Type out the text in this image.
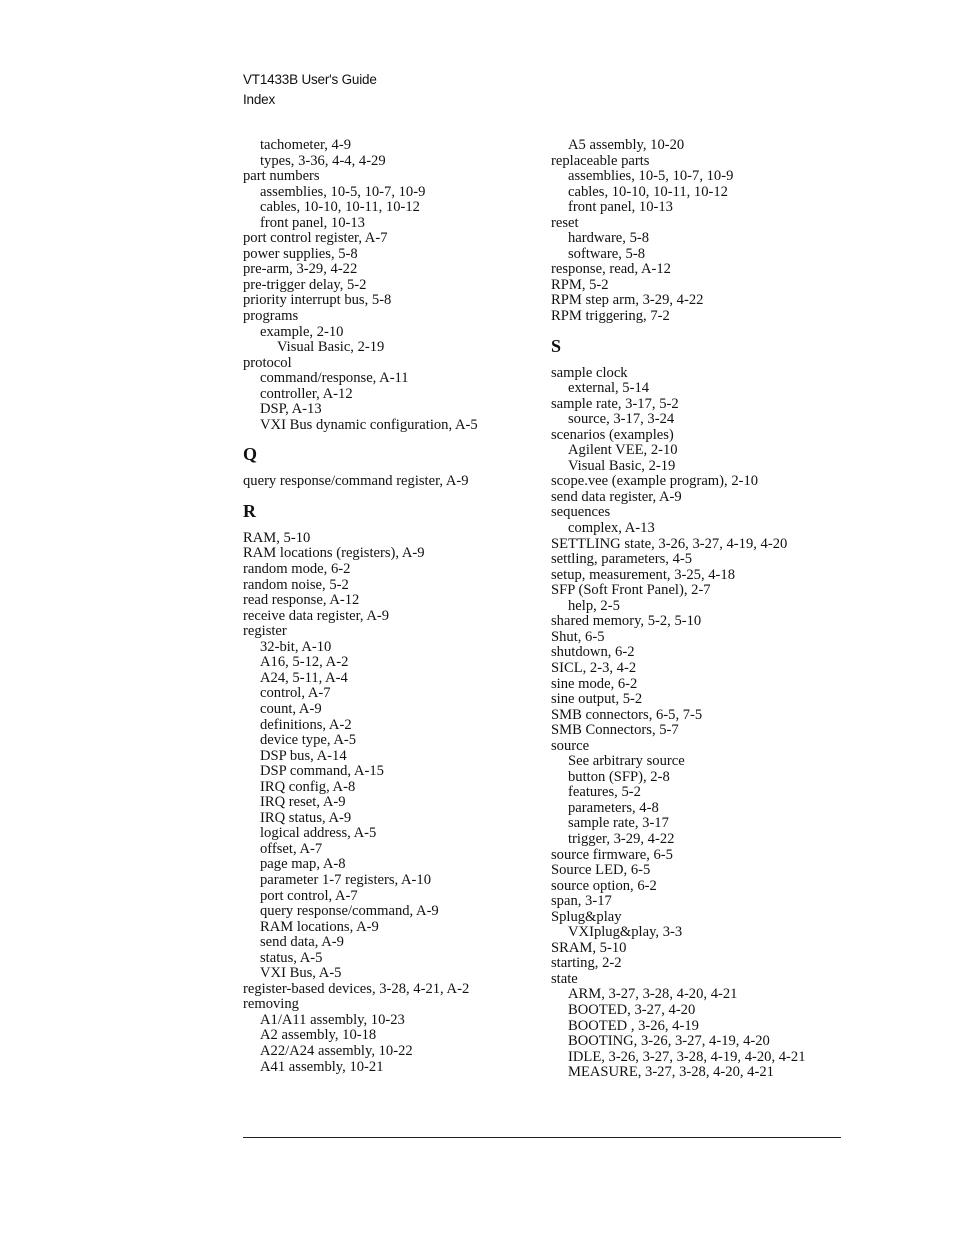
VT1433B User's Guide
Index
tachometer, 4-9
types, 3-36, 4-4, 4-29
part numbers
assemblies, 10-5, 10-7, 10-9
cables, 10-10, 10-11, 10-12
front panel, 10-13
port control register, A-7
power supplies, 5-8
pre-arm, 3-29, 4-22
pre-trigger delay, 5-2
priority interrupt bus, 5-8
programs
example, 2-10
Visual Basic, 2-19
protocol
command/response, A-11
controller, A-12
DSP, A-13
VXI Bus dynamic configuration, A-5
Q
query response/command register, A-9
R
RAM, 5-10
RAM locations (registers), A-9
random mode, 6-2
random noise, 5-2
read response, A-12
receive data register, A-9
register
32-bit, A-10
A16, 5-12, A-2
A24, 5-11, A-4
control, A-7
count, A-9
definitions, A-2
device type, A-5
DSP bus, A-14
DSP command, A-15
IRQ config, A-8
IRQ reset, A-9
IRQ status, A-9
logical address, A-5
offset, A-7
page map, A-8
parameter 1-7 registers, A-10
port control, A-7
query response/command, A-9
RAM locations, A-9
send data, A-9
status, A-5
VXI Bus, A-5
register-based devices, 3-28, 4-21, A-2
removing
A1/A11 assembly, 10-23
A2 assembly, 10-18
A22/A24 assembly, 10-22
A41 assembly, 10-21
A5 assembly, 10-20
replaceable parts
assemblies, 10-5, 10-7, 10-9
cables, 10-10, 10-11, 10-12
front panel, 10-13
reset
hardware, 5-8
software, 5-8
response, read, A-12
RPM, 5-2
RPM step arm, 3-29, 4-22
RPM triggering, 7-2
S
sample clock
external, 5-14
sample rate, 3-17, 5-2
source, 3-17, 3-24
scenarios (examples)
Agilent VEE, 2-10
Visual Basic, 2-19
scope.vee (example program), 2-10
send data register, A-9
sequences
complex, A-13
SETTLING state, 3-26, 3-27, 4-19, 4-20
settling, parameters, 4-5
setup, measurement, 3-25, 4-18
SFP (Soft Front Panel), 2-7
help, 2-5
shared memory, 5-2, 5-10
Shut, 6-5
shutdown, 6-2
SICL, 2-3, 4-2
sine mode, 6-2
sine output, 5-2
SMB connectors, 6-5, 7-5
SMB Connectors, 5-7
source
See arbitrary source
button (SFP), 2-8
features, 5-2
parameters, 4-8
sample rate, 3-17
trigger, 3-29, 4-22
source firmware, 6-5
Source LED, 6-5
source option, 6-2
span, 3-17
Splug&play
VXIplug&play, 3-3
SRAM, 5-10
starting, 2-2
state
ARM, 3-27, 3-28, 4-20, 4-21
BOOTED, 3-27, 4-20
BOOTED , 3-26, 4-19
BOOTING, 3-26, 3-27, 4-19, 4-20
IDLE, 3-26, 3-27, 3-28, 4-19, 4-20, 4-21
MEASURE, 3-27, 3-28, 4-20, 4-21
